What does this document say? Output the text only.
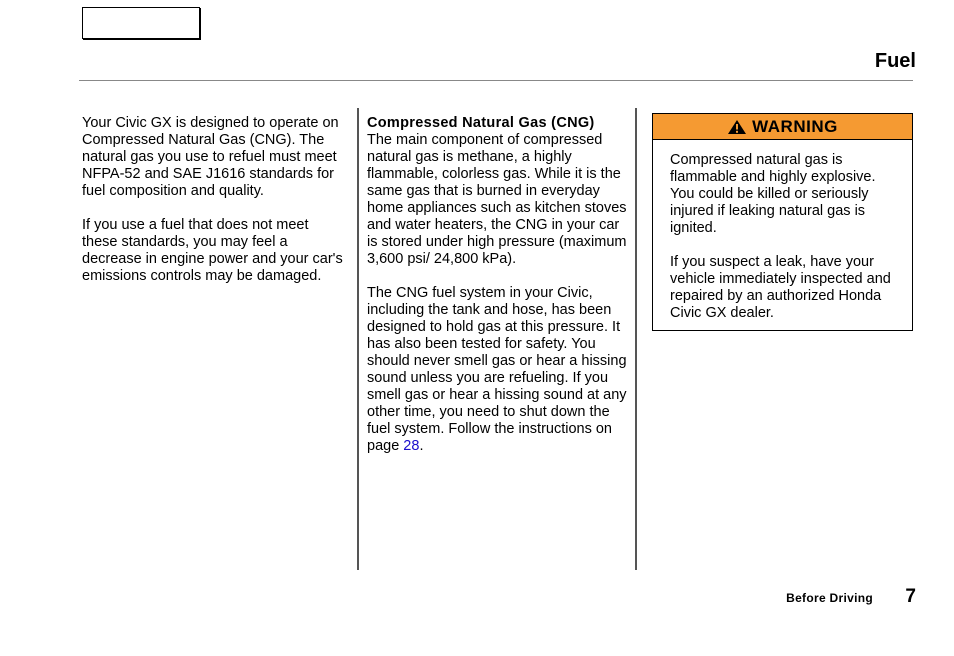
Fuel

Your Civic GX is designed to operate on Compressed Natural Gas (CNG). The natural gas you use to refuel must meet NFPA-52 and SAE J1616 standards for fuel composition and quality.

If you use a fuel that does not meet these standards, you may feel a decrease in engine power and your car's emissions controls may be damaged.

Compressed Natural Gas (CNG)
The main component of compressed natural gas is methane, a highly flammable, colorless gas. While it is the same gas that is burned in everyday home appliances such as kitchen stoves and water heaters, the CNG in your car is stored under high pressure (maximum 3,600 psi/ 24,800 kPa).

The CNG fuel system in your Civic, including the tank and hose, has been designed to hold gas at this pressure. It has also been tested for safety. You should never smell gas or hear a hissing sound unless you are refueling. If you smell gas or hear a hissing sound at any other time, you need to shut down the fuel system. Follow the instructions on page 28.

WARNING

Compressed natural gas is flammable and highly explosive. You could be killed or seriously injured if leaking natural gas is ignited.

If you suspect a leak, have your vehicle immediately inspected and repaired by an authorized Honda Civic GX dealer.

Before Driving 7
